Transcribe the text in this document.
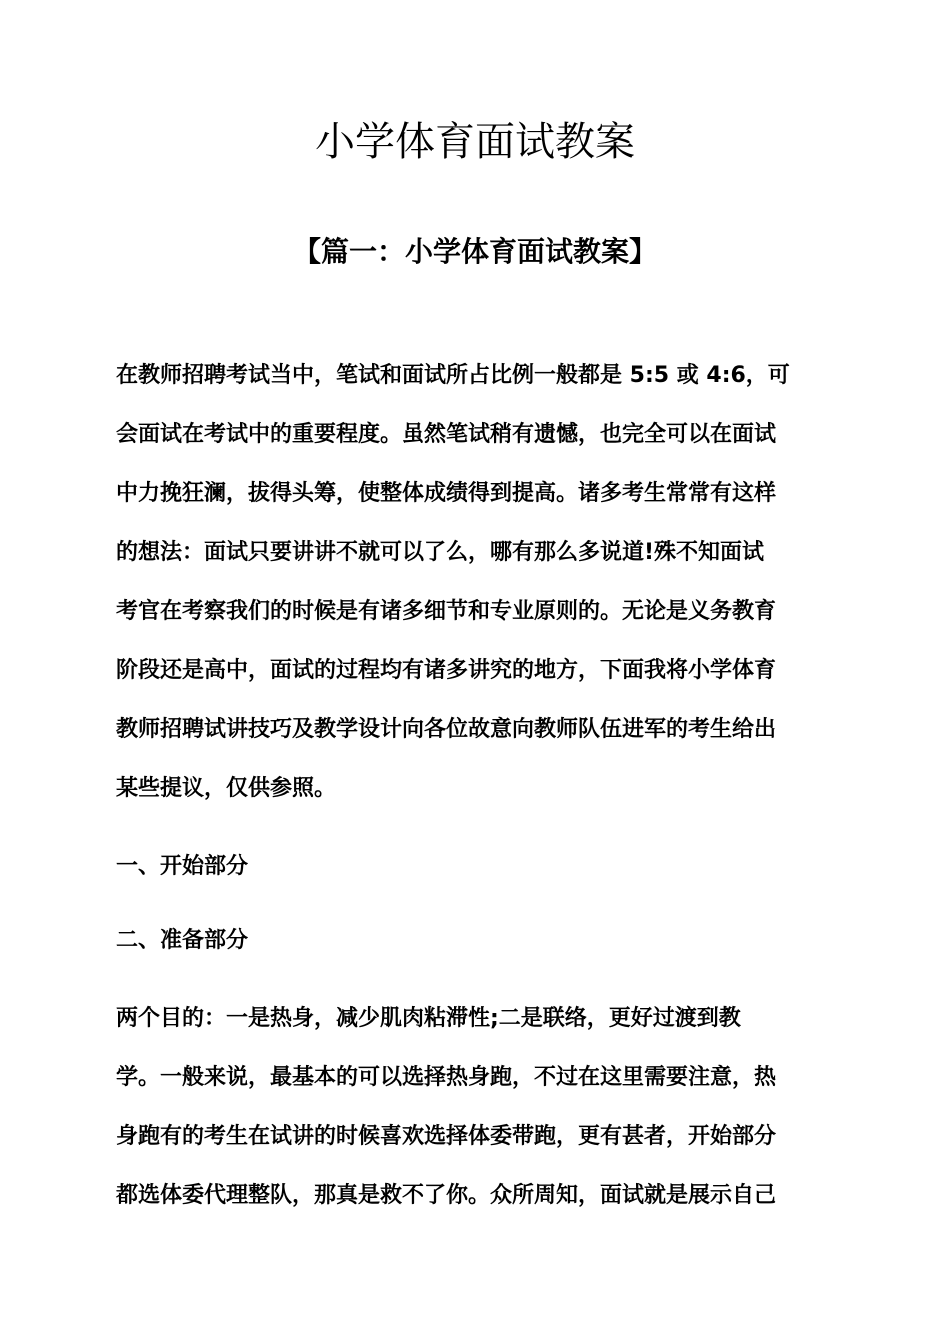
小学体育面试教案
【篇一：小学体育面试教案】

在教师招聘考试当中，笔试和面试所占比例一般都是 5:5 或 4:6，可

会面试在考试中的重要程度。虽然笔试稍有遗憾，也完全可以在面试

中力挽狂澜，拔得头筹，使整体成绩得到提高。诸多考生常常有这样

的想法：面试只要讲讲不就可以了么，哪有那么多说道!殊不知面试

考官在考察我们的时候是有诸多细节和专业原则的。无论是义务教育

阶段还是高中，面试的过程均有诸多讲究的地方，下面我将小学体育

教师招聘试讲技巧及教学设计向各位故意向教师队伍进军的考生给出

某些提议，仅供参照。

一、开始部分

二、准备部分

两个目的：一是热身，减少肌肉粘滞性;二是联络，更好过渡到教

学。一般来说，最基本的可以选择热身跑，不过在这里需要注意，热

身跑有的考生在试讲的时候喜欢选择体委带跑，更有甚者，开始部分

都选体委代理整队，那真是救不了你。众所周知，面试就是展示自己
